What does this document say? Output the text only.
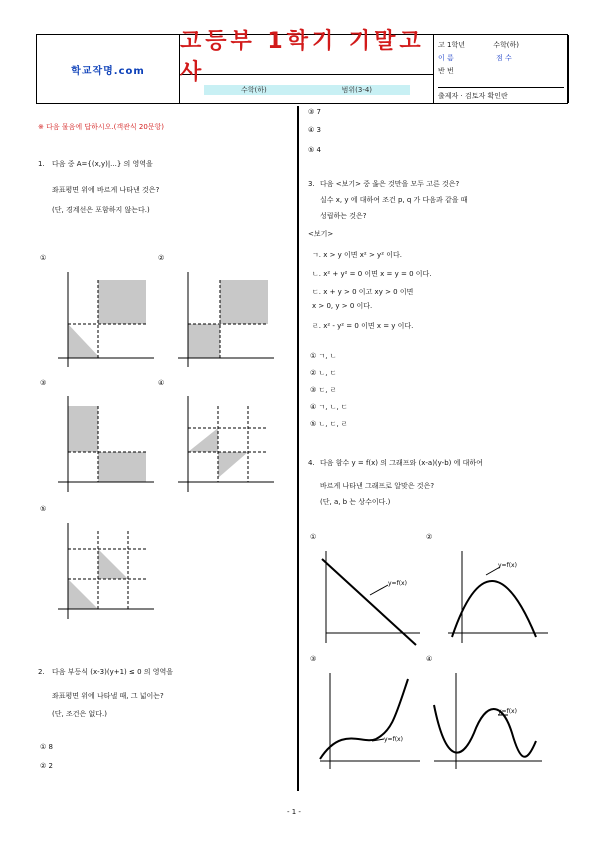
학교작명.com
고등부 1학기 기말고사
수학(하)	범위(3-4)
고 1학년	수학(하)
이 름	점 수
반 번
출제자 · 검토자 확인란
※ 다음 물음에 답하시오.(객관식 20문항)
1. 다음 중 A={(x,y)|...} 의 영역을
좌표평면 위에 바르게 나타낸 것은?
(단, 경계선은 포함하지 않는다.)
①	②
③	④
⑤
2. 다음 부등식 (x-3)(y+1) ≤ 0 의 영역을
좌표평면 위에 나타낼 때, 그 넓이는?
(단, 조건은 없다.)
① 8
② 2
- 1 -
③ 7
④ 3
⑤ 4
3. 다음 <보기> 중 옳은 것만을 모두 고른 것은?
실수 x, y 에 대하여 조건 p, q 가 다음과 같을 때
성립하는 것은?
<보기>
ㄱ. x > y 이면 x² > y² 이다.
ㄴ. x² + y² = 0 이면 x = y = 0 이다.
ㄷ. x + y > 0 이고 xy > 0 이면
x > 0, y > 0 이다.
ㄹ. x² - y² = 0 이면 x = y 이다.
① ㄱ, ㄴ
② ㄴ, ㄷ
③ ㄷ, ㄹ
④ ㄱ, ㄴ, ㄷ
⑤ ㄴ, ㄷ, ㄹ
4. 다음 함수 y = f(x) 의 그래프와 (x-a)(y-b) 에 대하여
바르게 나타낸 그래프로 알맞은 것은?
(단, a, b 는 상수이다.)
①
y=f(x)
②
y=f(x)
③
y=f(x)
④
y=f(x)
